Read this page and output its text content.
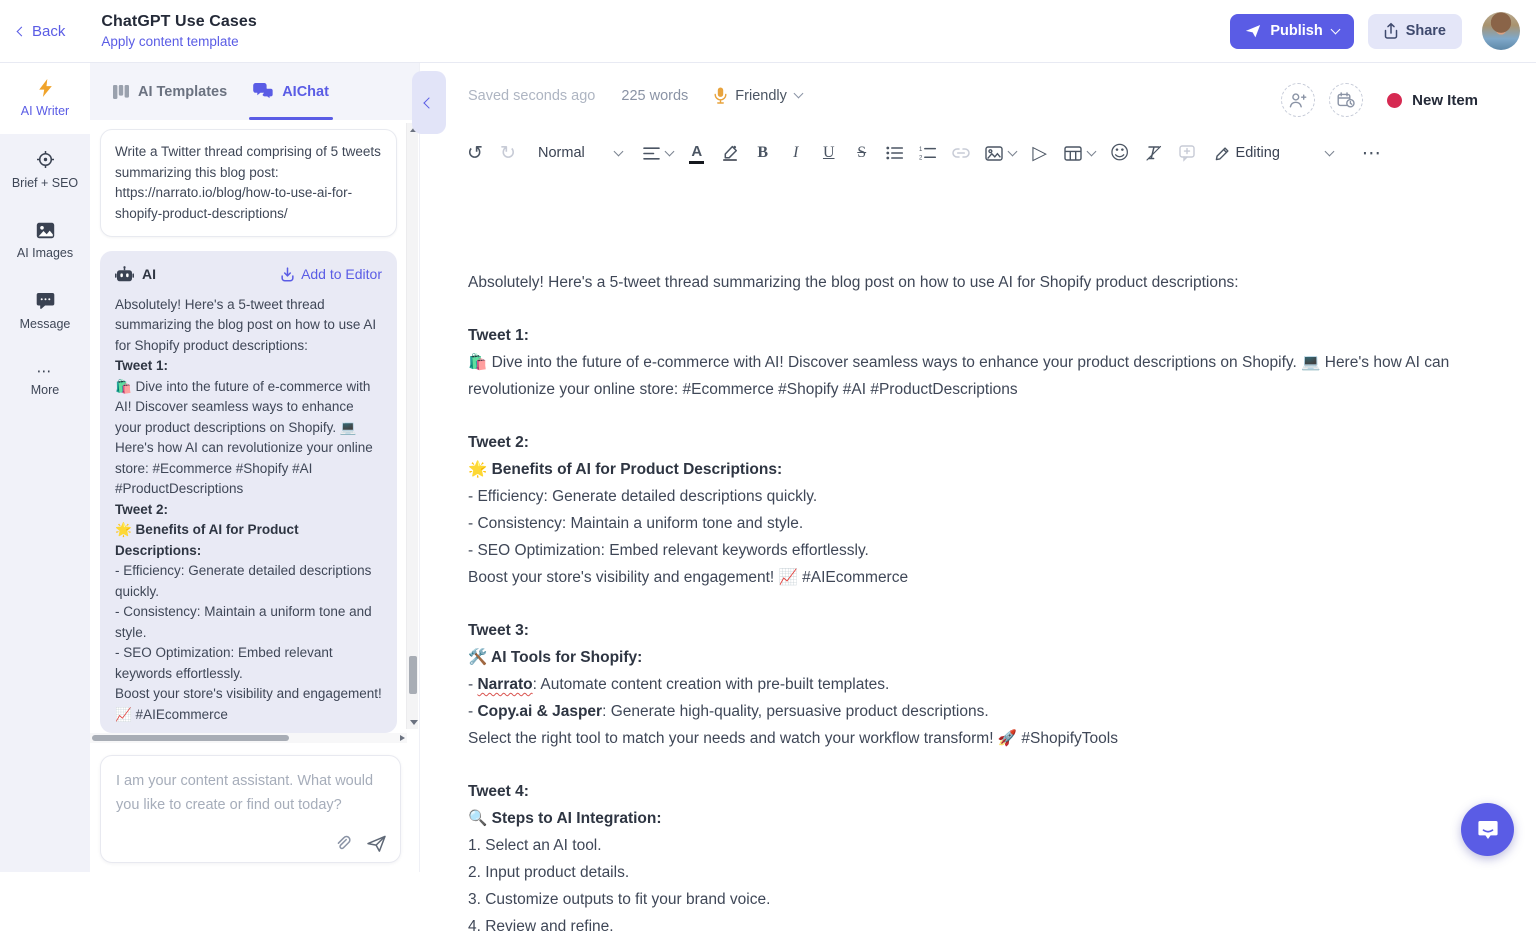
Back
ChatGPT Use Cases
Apply content template
Publish	Share
AI Writer
Brief + SEO
AI Images
Message
⋯
More
AI Templates	AIChat
Write a Twitter thread comprising of 5 tweets summarizing this blog post: https://narrato.io/blog/how-to-use-ai-for-shopify-product-descriptions/
AI	Add to Editor

Absolutely! Here's a 5-tweet thread summarizing the blog post on how to use AI for Shopify product descriptions:

Tweet 1:

🛍️ Dive into the future of e-commerce with AI! Discover seamless ways to enhance your product descriptions on Shopify. 💻 Here's how AI can revolutionize your online store: #Ecommerce #Shopify #AI #ProductDescriptions

Tweet 2:

🌟 Benefits of AI for Product Descriptions:

- Efficiency: Generate detailed descriptions quickly.

- Consistency: Maintain a uniform tone and style.

- SEO Optimization: Embed relevant keywords effortlessly.

Boost your store's visibility and engagement! 📈 #AIEcommerce

I am your content assistant. What would you like to create or find out today?
Saved seconds ago 225 words	Friendly	New Item
↺ ↻ Normal	A	B I U S	1
2	▷	☺	Editing	⋯

Absolutely! Here's a 5-tweet thread summarizing the blog post on how to use AI for Shopify product descriptions:

Tweet 1:

🛍️ Dive into the future of e-commerce with AI! Discover seamless ways to enhance your product descriptions on Shopify. 💻 Here's how AI can revolutionize your online store: #Ecommerce #Shopify #AI #ProductDescriptions

Tweet 2:

🌟 Benefits of AI for Product Descriptions:

- Efficiency: Generate detailed descriptions quickly.

- Consistency: Maintain a uniform tone and style.

- SEO Optimization: Embed relevant keywords effortlessly.

Boost your store's visibility and engagement! 📈 #AIEcommerce

Tweet 3:

🛠️ AI Tools for Shopify:

- Narrato: Automate content creation with pre-built templates.

- Copy.ai & Jasper: Generate high-quality, persuasive product descriptions.

Select the right tool to match your needs and watch your workflow transform! 🚀 #ShopifyTools

Tweet 4:

🔍 Steps to AI Integration:

1. Select an AI tool.

2. Input product details.

3. Customize outputs to fit your brand voice.

4. Review and refine.
